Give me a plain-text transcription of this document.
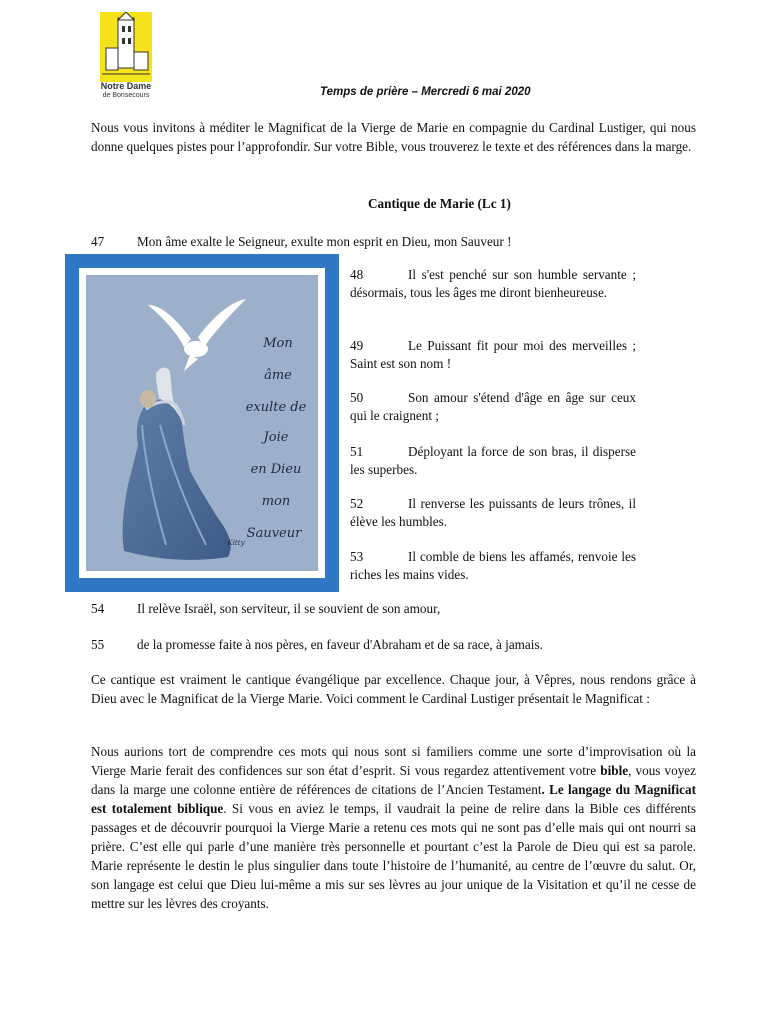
Notre Dame
de Bonsecours	Temps de prière – Mercredi 6 mai 2020
Nous vous invitons à méditer le Magnificat de la Vierge de Marie en compagnie du Cardinal Lustiger, qui nous donne quelques pistes pour l’approfondir. Sur votre Bible, vous trouverez le texte et des références dans la marge.
Cantique de Marie (Lc 1)
47 Mon âme exalte le Seigneur, exulte mon esprit en Dieu, mon Sauveur !
Mon
âme
exulte de
Joie
en Dieu
mon
Sauveur
Kitty
48	Il s'est penché sur son humble servante ; désormais, tous les âges me diront bienheureuse.
49	Le Puissant fit pour moi des merveilles ; Saint est son nom !
50	Son amour s'étend d'âge en âge sur ceux qui le craignent ;
51	Déployant la force de son bras, il disperse les superbes.
52	Il renverse les puissants de leurs trônes, il élève les humbles.
53	Il comble de biens les affamés, renvoie les riches les mains vides.
54 Il relève Israël, son serviteur, il se souvient de son amour,
55 de la promesse faite à nos pères, en faveur d'Abraham et de sa race, à jamais.
Ce cantique est vraiment le cantique évangélique par excellence. Chaque jour, à Vêpres, nous rendons grâce à Dieu avec le Magnificat de la Vierge Marie. Voici comment le Cardinal Lustiger présentait le Magnificat :
Nous aurions tort de comprendre ces mots qui nous sont si familiers comme une sorte d’improvisation où la Vierge Marie ferait des confidences sur son état d’esprit. Si vous regardez attentivement votre bible, vous voyez dans la marge une colonne entière de références de citations de l’Ancien Testament. Le langage du Magnificat est totalement biblique. Si vous en aviez le temps, il vaudrait la peine de relire dans la Bible ces différents passages et de découvrir pourquoi la Vierge Marie a retenu ces mots qui ne sont pas d’elle mais qui ont nourri sa prière. C’est elle qui parle d’une manière très personnelle et pourtant c’est la Parole de Dieu qui est sa parole. Marie représente le destin le plus singulier dans toute l’histoire de l’humanité, au centre de l’œuvre du salut. Or, son langage est celui que Dieu lui-même a mis sur ses lèvres au jour unique de la Visitation et qu’il ne cesse de mettre sur les lèvres des croyants.
